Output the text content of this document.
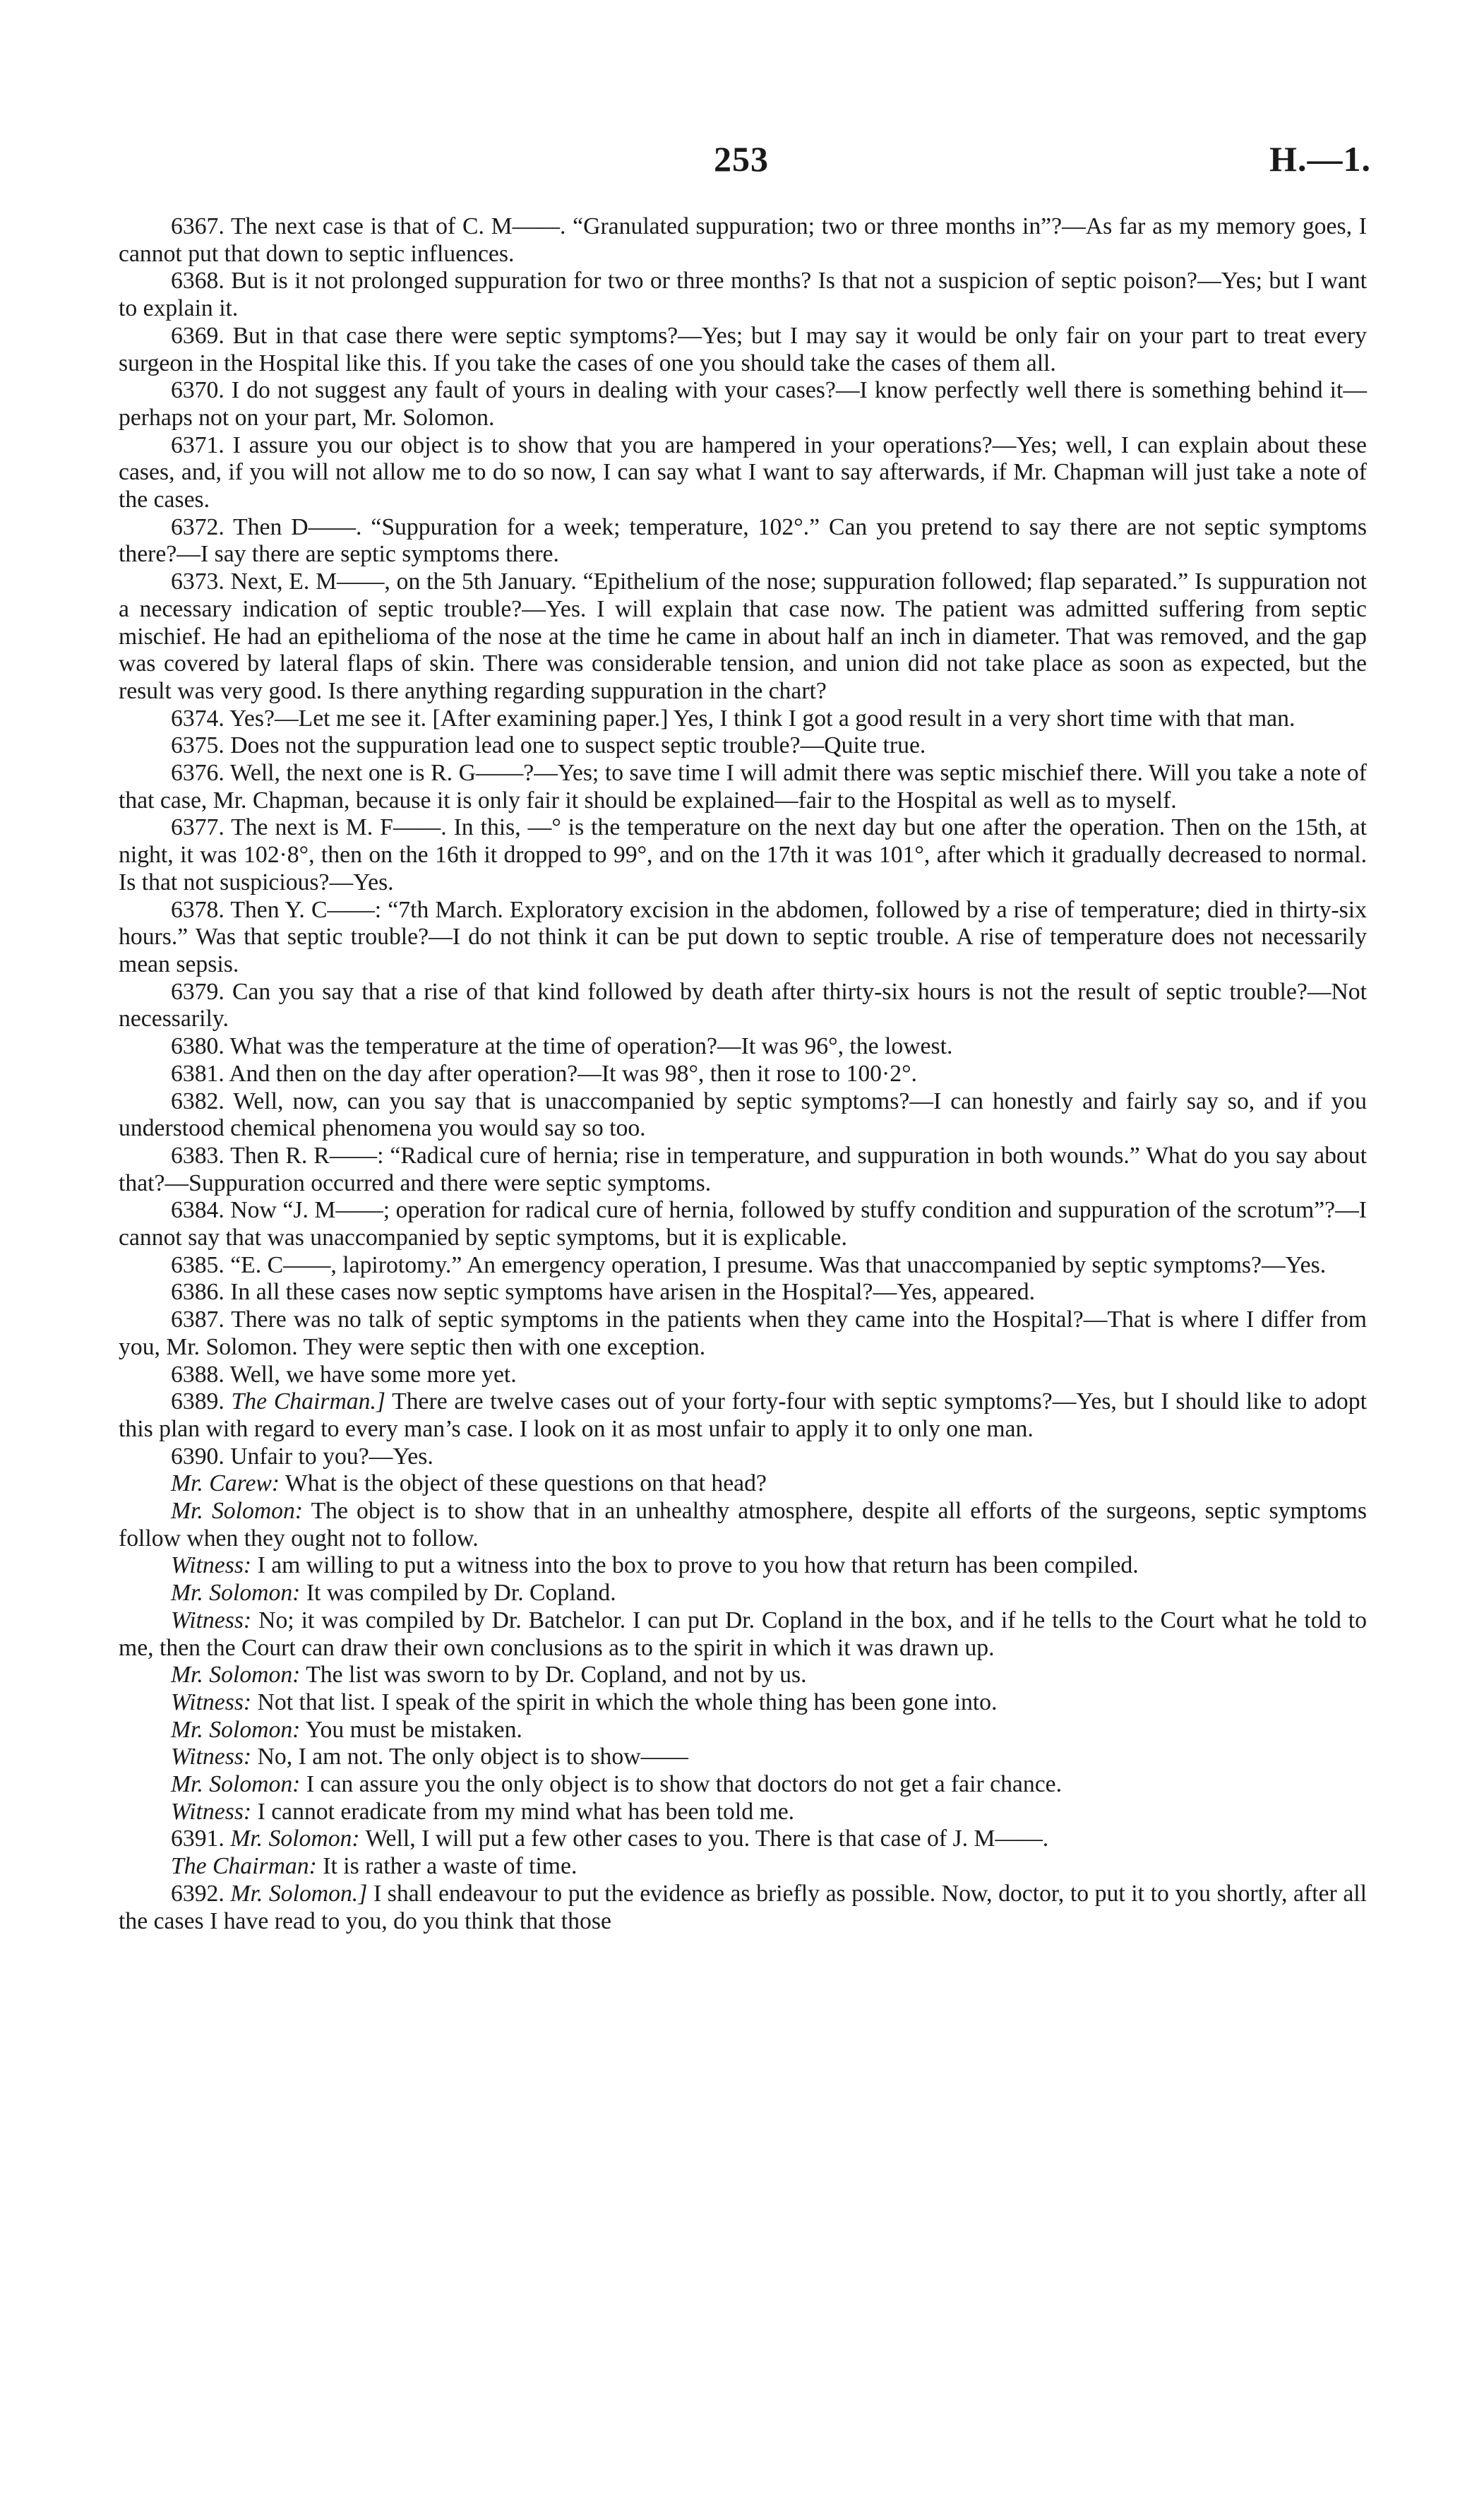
253	H.—1.

6367. The next case is that of C. M——. “Granulated suppuration; two or three months in”?—As far as my memory goes, I cannot put that down to septic influences.

6368. But is it not prolonged suppuration for two or three months? Is that not a suspicion of septic poison?—Yes; but I want to explain it.

6369. But in that case there were septic symptoms?—Yes; but I may say it would be only fair on your part to treat every surgeon in the Hospital like this. If you take the cases of one you should take the cases of them all.

6370. I do not suggest any fault of yours in dealing with your cases?—I know perfectly well there is something behind it—perhaps not on your part, Mr. Solomon.

6371. I assure you our object is to show that you are hampered in your operations?—Yes; well, I can explain about these cases, and, if you will not allow me to do so now, I can say what I want to say afterwards, if Mr. Chapman will just take a note of the cases.

6372. Then D——. “Suppuration for a week; temperature, 102°.” Can you pretend to say there are not septic symptoms there?—I say there are septic symptoms there.

6373. Next, E. M——, on the 5th January. “Epithelium of the nose; suppuration followed; flap separated.” Is suppuration not a necessary indication of septic trouble?—Yes. I will explain that case now. The patient was admitted suffering from septic mischief. He had an epithelioma of the nose at the time he came in about half an inch in diameter. That was removed, and the gap was covered by lateral flaps of skin. There was considerable tension, and union did not take place as soon as expected, but the result was very good. Is there anything regarding suppuration in the chart?

6374. Yes?—Let me see it. [After examining paper.] Yes, I think I got a good result in a very short time with that man.

6375. Does not the suppuration lead one to suspect septic trouble?—Quite true.

6376. Well, the next one is R. G——?—Yes; to save time I will admit there was septic mischief there. Will you take a note of that case, Mr. Chapman, because it is only fair it should be explained—fair to the Hospital as well as to myself.

6377. The next is M. F——. In this, —° is the temperature on the next day but one after the operation. Then on the 15th, at night, it was 102·8°, then on the 16th it dropped to 99°, and on the 17th it was 101°, after which it gradually decreased to normal. Is that not suspicious?—Yes.

6378. Then Y. C——: “7th March. Exploratory excision in the abdomen, followed by a rise of temperature; died in thirty-six hours.” Was that septic trouble?—I do not think it can be put down to septic trouble. A rise of temperature does not necessarily mean sepsis.

6379. Can you say that a rise of that kind followed by death after thirty-six hours is not the result of septic trouble?—Not necessarily.

6380. What was the temperature at the time of operation?—It was 96°, the lowest.

6381. And then on the day after operation?—It was 98°, then it rose to 100·2°.

6382. Well, now, can you say that is unaccompanied by septic symptoms?—I can honestly and fairly say so, and if you understood chemical phenomena you would say so too.

6383. Then R. R——: “Radical cure of hernia; rise in temperature, and suppuration in both wounds.” What do you say about that?—Suppuration occurred and there were septic symptoms.

6384. Now “J. M——; operation for radical cure of hernia, followed by stuffy condition and suppuration of the scrotum”?—I cannot say that was unaccompanied by septic symptoms, but it is explicable.

6385. “E. C——, lapirotomy.” An emergency operation, I presume. Was that unaccompanied by septic symptoms?—Yes.

6386. In all these cases now septic symptoms have arisen in the Hospital?—Yes, appeared.

6387. There was no talk of septic symptoms in the patients when they came into the Hospital?—That is where I differ from you, Mr. Solomon. They were septic then with one exception.

6388. Well, we have some more yet.

6389. The Chairman.] There are twelve cases out of your forty-four with septic symptoms?—Yes, but I should like to adopt this plan with regard to every man’s case. I look on it as most unfair to apply it to only one man.

6390. Unfair to you?—Yes.

Mr. Carew: What is the object of these questions on that head?

Mr. Solomon: The object is to show that in an unhealthy atmosphere, despite all efforts of the surgeons, septic symptoms follow when they ought not to follow.

Witness: I am willing to put a witness into the box to prove to you how that return has been compiled.

Mr. Solomon: It was compiled by Dr. Copland.

Witness: No; it was compiled by Dr. Batchelor. I can put Dr. Copland in the box, and if he tells to the Court what he told to me, then the Court can draw their own conclusions as to the spirit in which it was drawn up.

Mr. Solomon: The list was sworn to by Dr. Copland, and not by us.

Witness: Not that list. I speak of the spirit in which the whole thing has been gone into.

Mr. Solomon: You must be mistaken.

Witness: No, I am not. The only object is to show——

Mr. Solomon: I can assure you the only object is to show that doctors do not get a fair chance.

Witness: I cannot eradicate from my mind what has been told me.

6391. Mr. Solomon: Well, I will put a few other cases to you. There is that case of J. M——.

The Chairman: It is rather a waste of time.

6392. Mr. Solomon.] I shall endeavour to put the evidence as briefly as possible. Now, doctor, to put it to you shortly, after all the cases I have read to you, do you think that those
